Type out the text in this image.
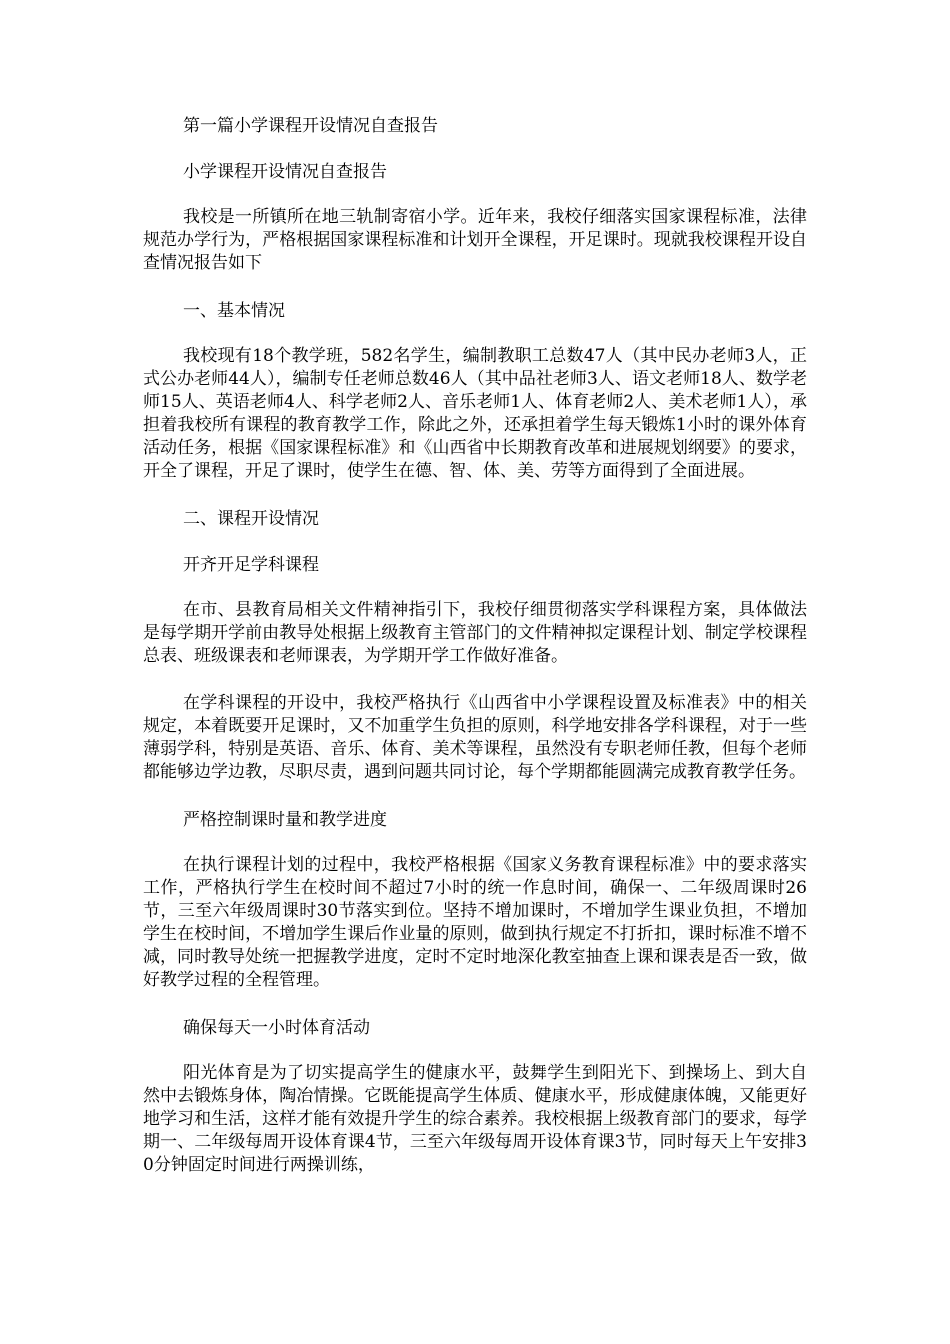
第一篇小学课程开设情况自查报告

小学课程开设情况自查报告

我校是一所镇所在地三轨制寄宿小学。近年来，我校仔细落实国家课程标准，法律规范办学行为，严格根据国家课程标准和计划开全课程，开足课时。现就我校课程开设自查情况报告如下

一、基本情况

我校现有18个教学班，582名学生，编制教职工总数47人（其中民办老师3人，正式公办老师44人），编制专任老师总数46人（其中品社老师3人、语文老师18人、数学老师15人、英语老师4人、科学老师2人、音乐老师1人、体育老师2人、美术老师1人），承担着我校所有课程的教育教学工作，除此之外，还承担着学生每天锻炼1小时的课外体育活动任务，根据《国家课程标准》和《山西省中长期教育改革和进展规划纲要》的要求，开全了课程，开足了课时，使学生在德、智、体、美、劳等方面得到了全面进展。

二、课程开设情况

开齐开足学科课程

在市、县教育局相关文件精神指引下，我校仔细贯彻落实学科课程方案，具体做法是每学期开学前由教导处根据上级教育主管部门的文件精神拟定课程计划、制定学校课程总表、班级课表和老师课表，为学期开学工作做好准备。

在学科课程的开设中，我校严格执行《山西省中小学课程设置及标准表》中的相关规定，本着既要开足课时，又不加重学生负担的原则，科学地安排各学科课程，对于一些薄弱学科，特别是英语、音乐、体育、美术等课程，虽然没有专职老师任教，但每个老师都能够边学边教，尽职尽责，遇到问题共同讨论，每个学期都能圆满完成教育教学任务。

严格控制课时量和教学进度

在执行课程计划的过程中，我校严格根据《国家义务教育课程标准》中的要求落实工作，严格执行学生在校时间不超过7小时的统一作息时间，确保一、二年级周课时26节，三至六年级周课时30节落实到位。坚持不增加课时，不增加学生课业负担，不增加学生在校时间，不增加学生课后作业量的原则，做到执行规定不打折扣，课时标准不增不减，同时教导处统一把握教学进度，定时不定时地深化教室抽查上课和课表是否一致，做好教学过程的全程管理。

确保每天一小时体育活动

阳光体育是为了切实提高学生的健康水平，鼓舞学生到阳光下、到操场上、到大自然中去锻炼身体，陶冶情操。它既能提高学生体质、健康水平，形成健康体魄，又能更好地学习和生活，这样才能有效提升学生的综合素养。我校根据上级教育部门的要求，每学期一、二年级每周开设体育课4节，三至六年级每周开设体育课3节，同时每天上午安排30分钟固定时间进行两操训练，
